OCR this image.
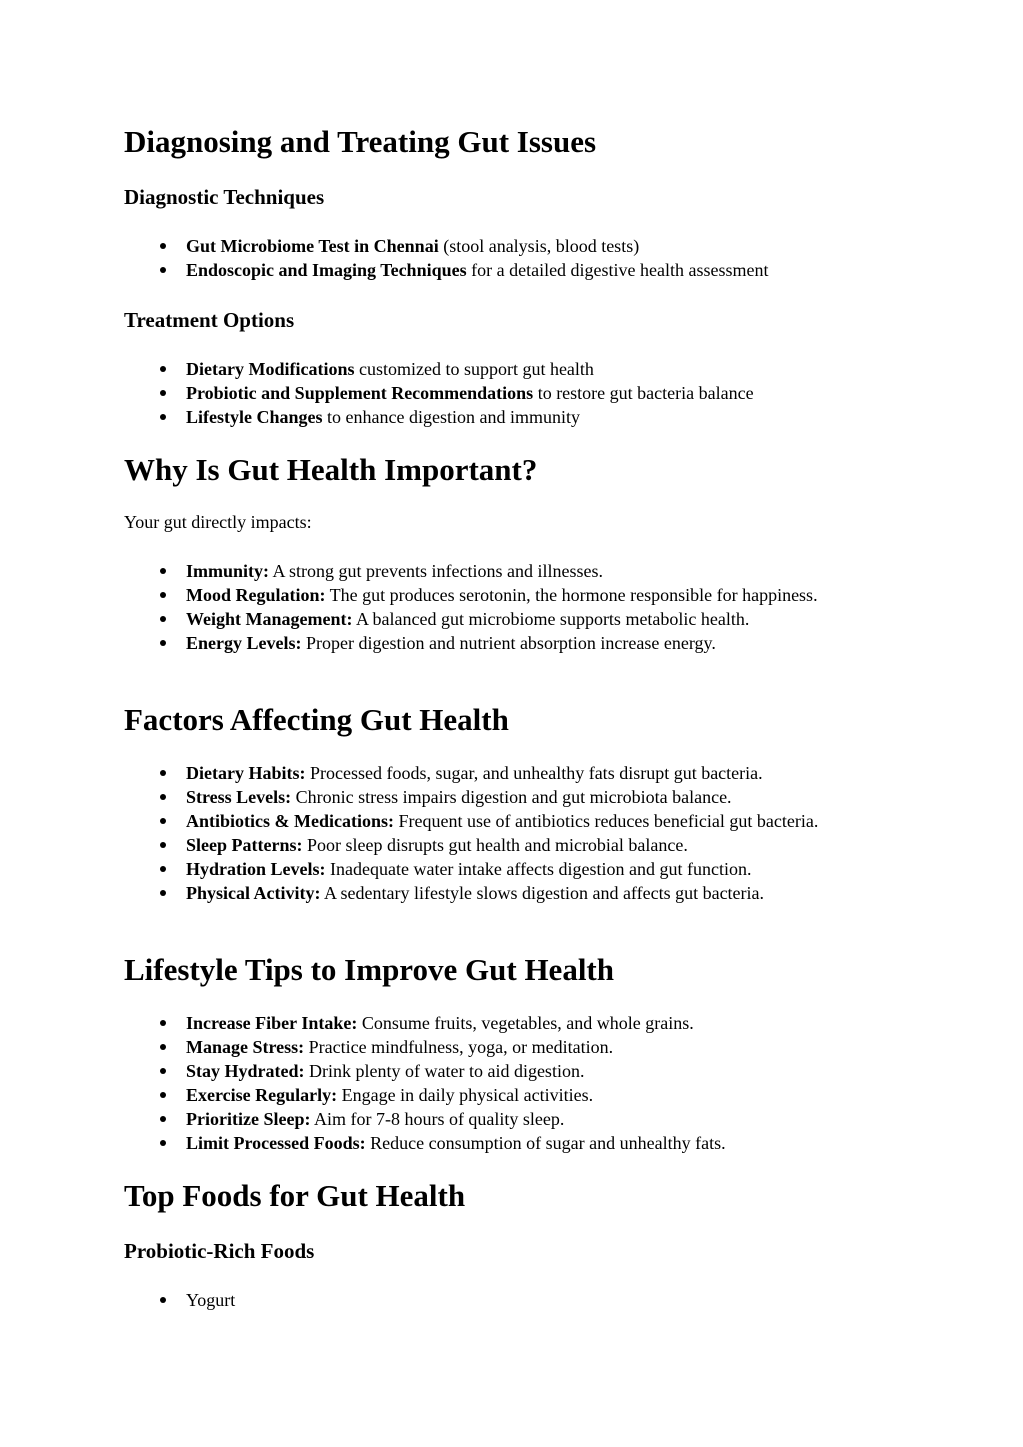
Diagnosing and Treating Gut Issues
Diagnostic Techniques
Gut Microbiome Test in Chennai (stool analysis, blood tests)
Endoscopic and Imaging Techniques for a detailed digestive health assessment
Treatment Options
Dietary Modifications customized to support gut health
Probiotic and Supplement Recommendations to restore gut bacteria balance
Lifestyle Changes to enhance digestion and immunity
Why Is Gut Health Important?

Your gut directly impacts:

Immunity: A strong gut prevents infections and illnesses.
Mood Regulation: The gut produces serotonin, the hormone responsible for happiness.
Weight Management: A balanced gut microbiome supports metabolic health.
Energy Levels: Proper digestion and nutrient absorption increase energy.
Factors Affecting Gut Health
Dietary Habits: Processed foods, sugar, and unhealthy fats disrupt gut bacteria.
Stress Levels: Chronic stress impairs digestion and gut microbiota balance.
Antibiotics & Medications: Frequent use of antibiotics reduces beneficial gut bacteria.
Sleep Patterns: Poor sleep disrupts gut health and microbial balance.
Hydration Levels: Inadequate water intake affects digestion and gut function.
Physical Activity: A sedentary lifestyle slows digestion and affects gut bacteria.
Lifestyle Tips to Improve Gut Health
Increase Fiber Intake: Consume fruits, vegetables, and whole grains.
Manage Stress: Practice mindfulness, yoga, or meditation.
Stay Hydrated: Drink plenty of water to aid digestion.
Exercise Regularly: Engage in daily physical activities.
Prioritize Sleep: Aim for 7-8 hours of quality sleep.
Limit Processed Foods: Reduce consumption of sugar and unhealthy fats.
Top Foods for Gut Health
Probiotic-Rich Foods
Yogurt
